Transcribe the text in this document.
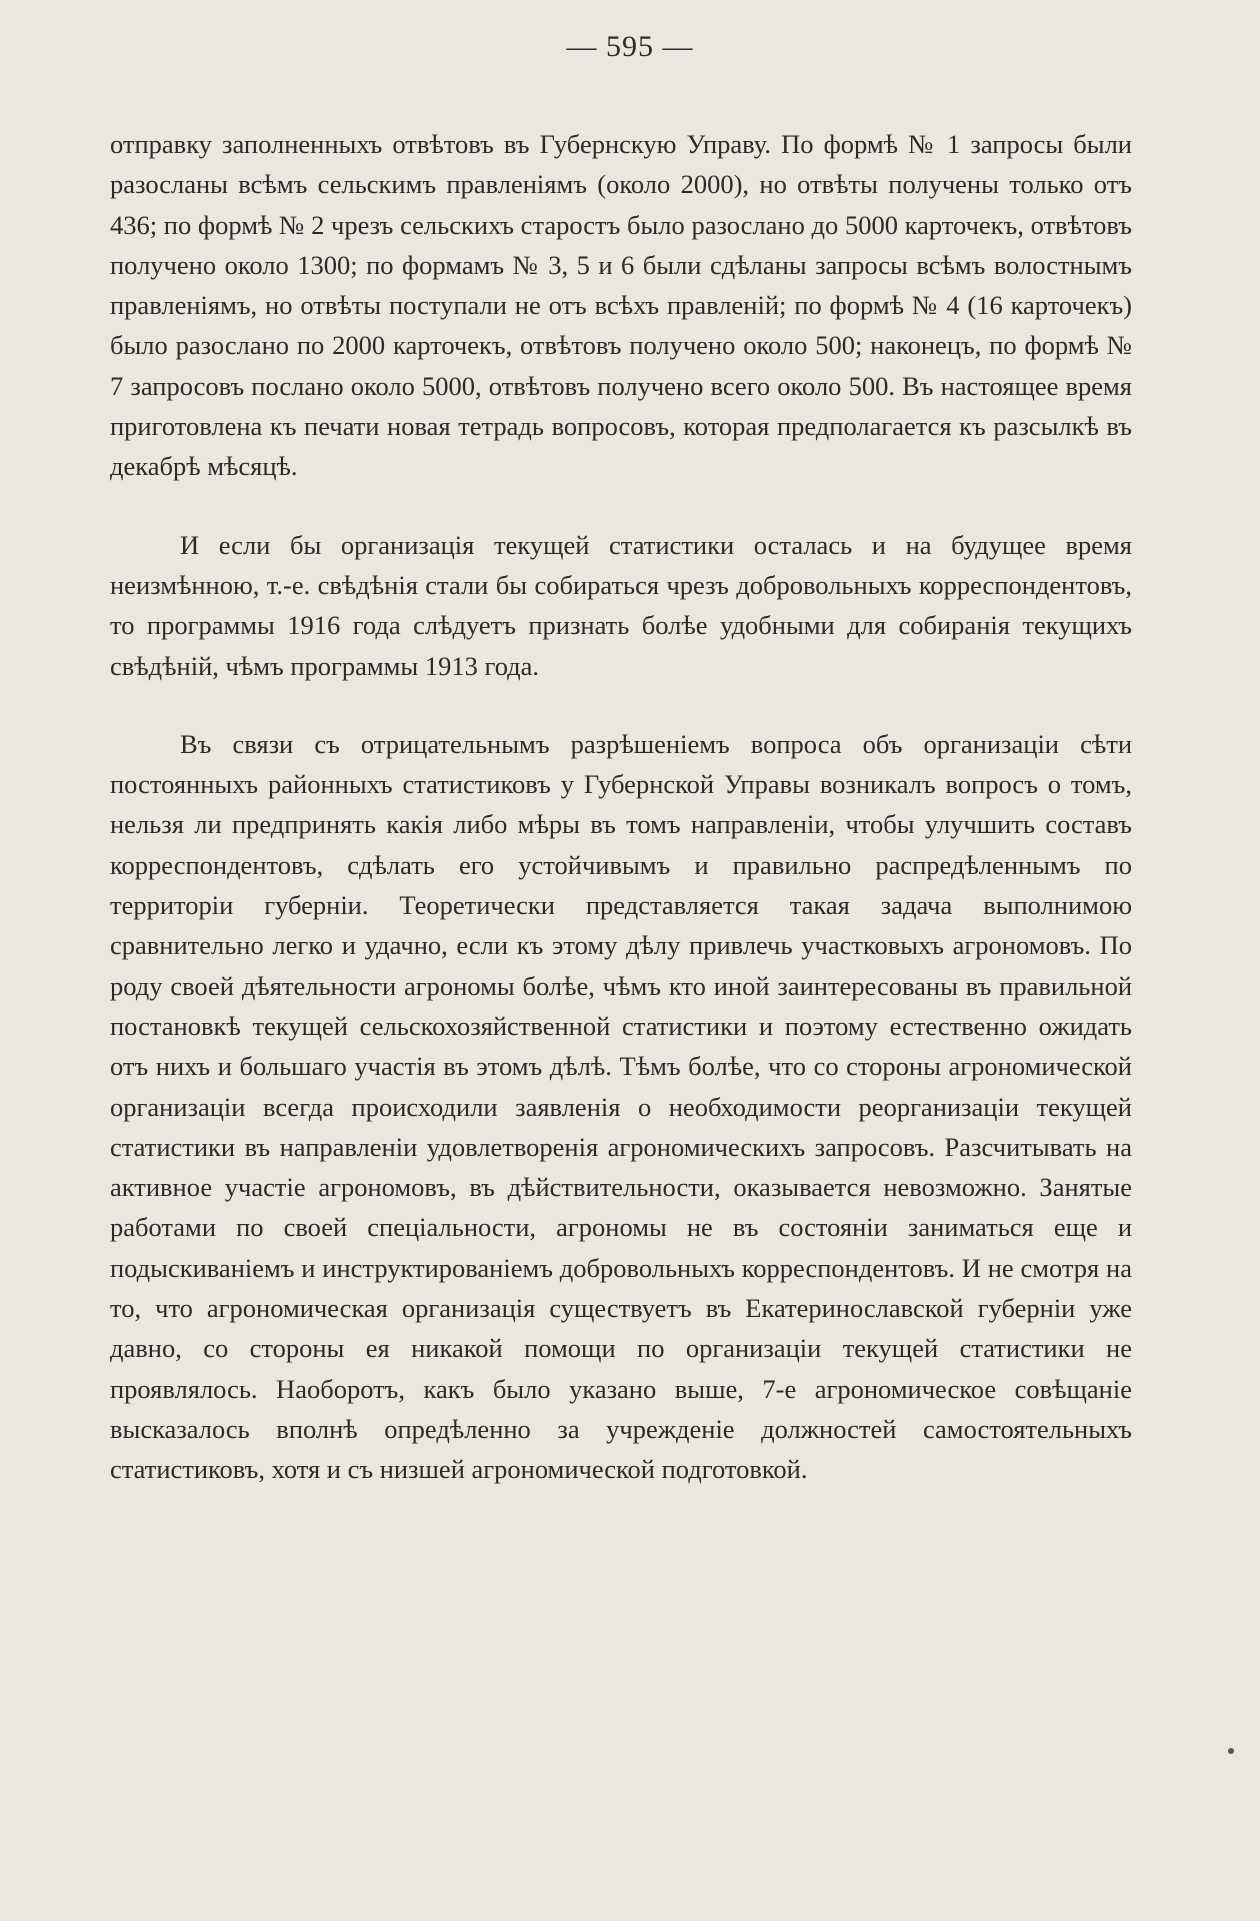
— 595 —

отправку заполненныхъ отвѣтовъ въ Губернскую Управу. По формѣ № 1 запросы были разосланы всѣмъ сельскимъ правленіямъ (около 2000), но отвѣты получены только отъ 436; по формѣ № 2 чрезъ сельскихъ старостъ было разослано до 5000 карточекъ, отвѣтовъ получено около 1300; по формамъ № 3, 5 и 6 были сдѣланы запросы всѣмъ волостнымъ правленіямъ, но отвѣты поступали не отъ всѣхъ правленій; по формѣ № 4 (16 карточекъ) было разослано по 2000 карточекъ, отвѣтовъ получено около 500; наконецъ, по формѣ № 7 запросовъ послано около 5000, отвѣтовъ получено всего около 500. Въ настоящее время приготовлена къ печати новая тетрадь вопросовъ, которая предполагается къ разсылкѣ въ декабрѣ мѣсяцѣ.

И если бы организація текущей статистики осталась и на будущее время неизмѣнною, т.-е. свѣдѣнія стали бы собираться чрезъ добровольныхъ корреспондентовъ, то программы 1916 года слѣдуетъ признать болѣе удобными для собиранія текущихъ свѣдѣній, чѣмъ программы 1913 года.

Въ связи съ отрицательнымъ разрѣшеніемъ вопроса объ организаціи сѣти постоянныхъ районныхъ статистиковъ у Губернской Управы возникалъ вопросъ о томъ, нельзя ли предпринять какія либо мѣры въ томъ направленіи, чтобы улучшить составъ корреспондентовъ, сдѣлать его устойчивымъ и правильно распредѣленнымъ по территоріи губерніи. Теоретически представляется такая задача выполнимою сравнительно легко и удачно, если къ этому дѣлу привлечь участковыхъ агрономовъ. По роду своей дѣятельности агрономы болѣе, чѣмъ кто иной заинтересованы въ правильной постановкѣ текущей сельскохозяйственной статистики и поэтому естественно ожидать отъ нихъ и большаго участія въ этомъ дѣлѣ. Тѣмъ болѣе, что со стороны агрономической организаціи всегда происходили заявленія о необходимости реорганизаціи текущей статистики въ направленіи удовлетворенія агрономическихъ запросовъ. Разсчитывать на активное участіе агрономовъ, въ дѣйствительности, оказывается невозможно. Занятые работами по своей спеціальности, агрономы не въ состояніи заниматься еще и подыскиваніемъ и инструктированіемъ добровольныхъ корреспондентовъ. И не смотря на то, что агрономическая организація существуетъ въ Екатеринославской губерніи уже давно, со стороны ея никакой помощи по организаціи текущей статистики не проявлялось. Наоборотъ, какъ было указано выше, 7-е агрономическое совѣщаніе высказалось вполнѣ опредѣленно за учрежденіе должностей самостоятельныхъ статистиковъ, хотя и съ низшей агрономической подготовкой.
